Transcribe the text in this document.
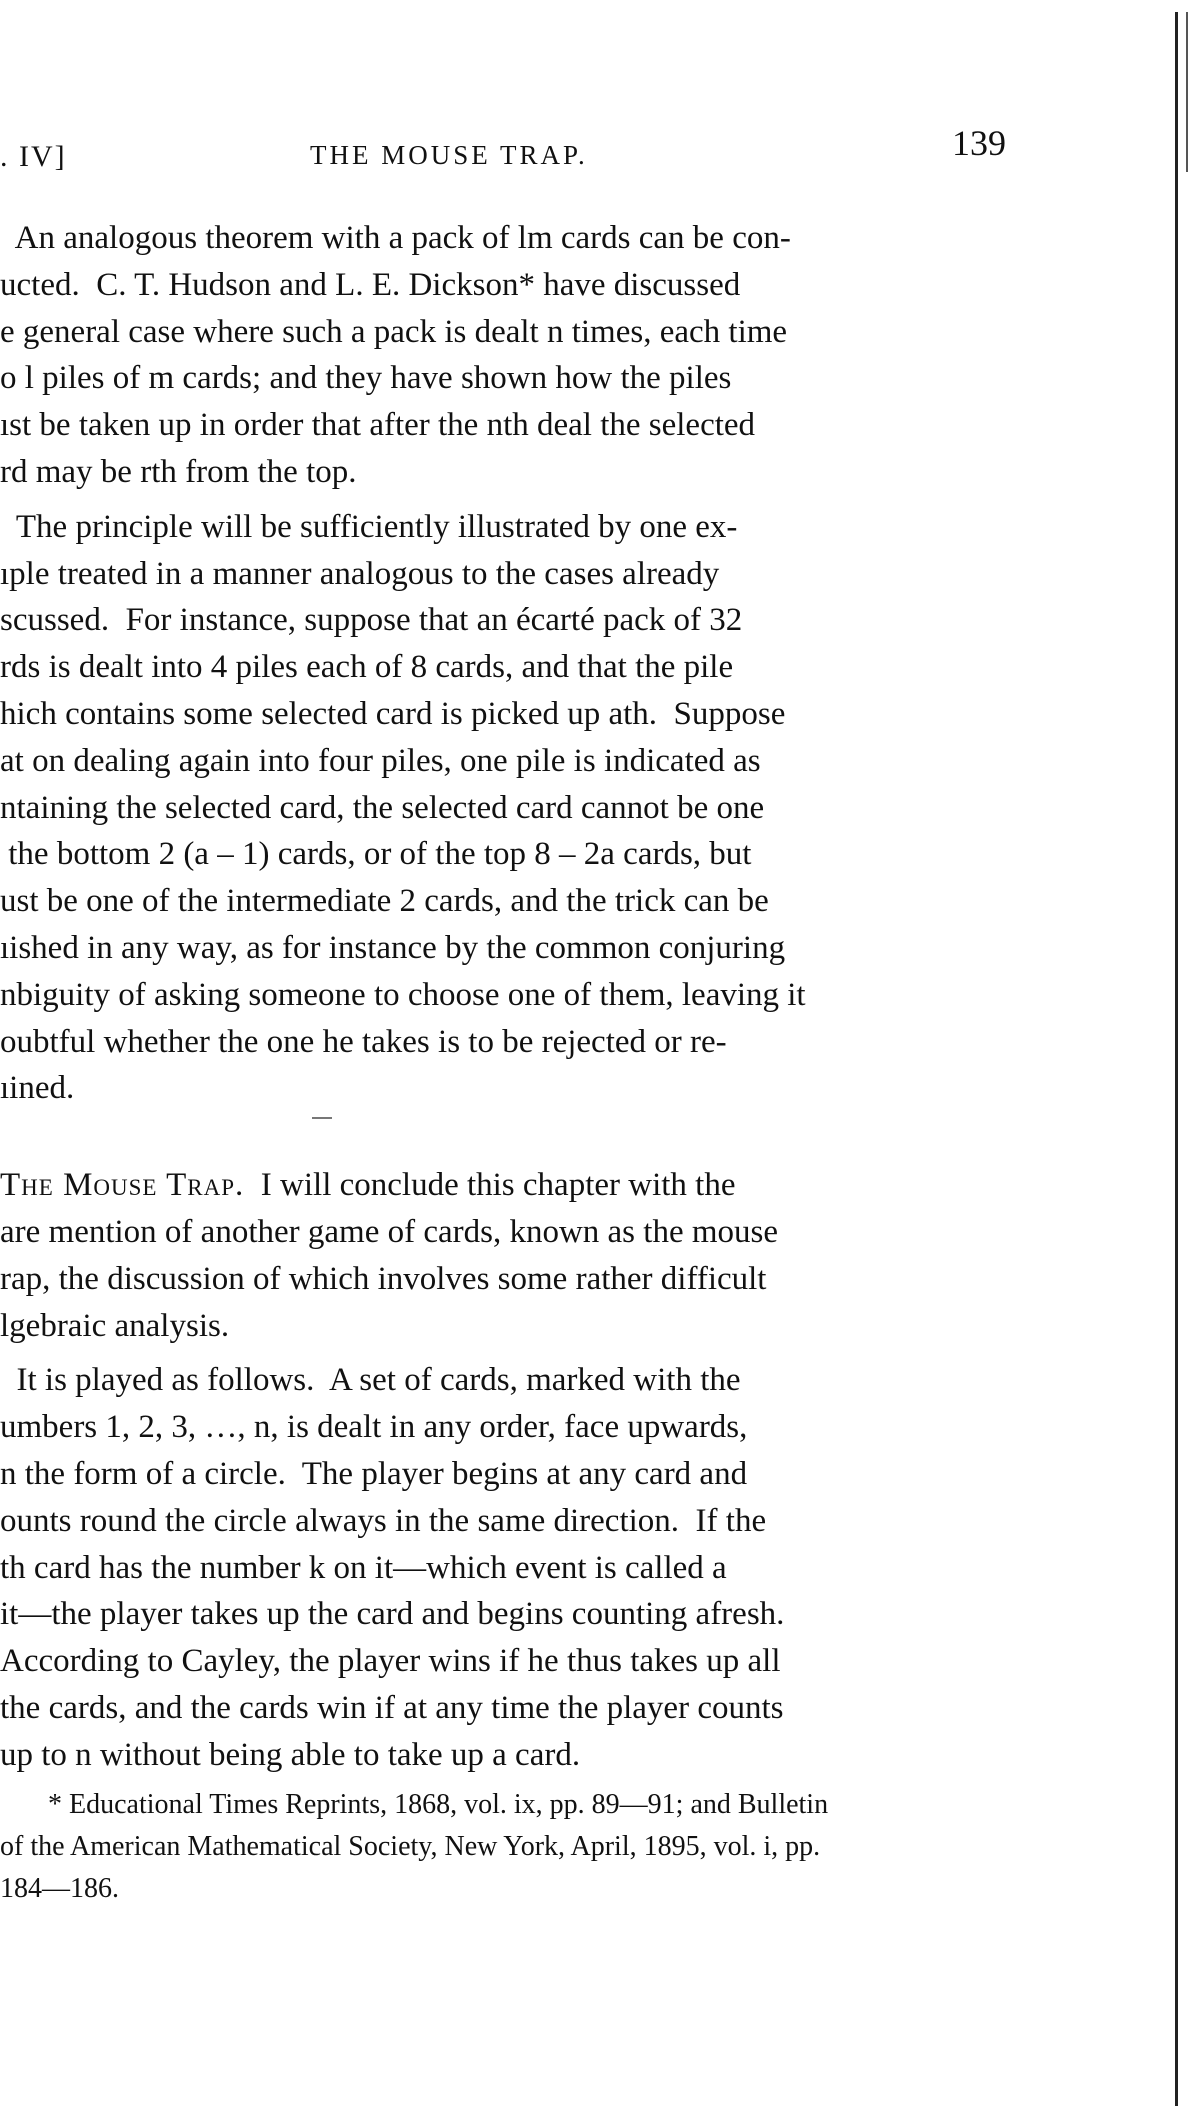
. IV]	THE MOUSE TRAP.	139

An analogous theorem with a pack of lm cards can be con-
ucted.  C. T. Hudson and L. E. Dickson* have discussed
e general case where such a pack is dealt n times, each time
o l piles of m cards; and they have shown how the piles
ıst be taken up in order that after the nth deal the selected
rd may be rth from the top.

The principle will be sufficiently illustrated by one ex-
ıple treated in a manner analogous to the cases already
scussed.  For instance, suppose that an écarté pack of 32
rds is dealt into 4 piles each of 8 cards, and that the pile
hich contains some selected card is picked up ath.  Suppose
at on dealing again into four piles, one pile is indicated as
ntaining the selected card, the selected card cannot be one
the bottom 2 (a – 1) cards, or of the top 8 – 2a cards, but
ust be one of the intermediate 2 cards, and the trick can be
ıished in any way, as for instance by the common conjuring
nbiguity of asking someone to choose one of them, leaving it
oubtful whether the one he takes is to be rejected or re-
ıined.

The Mouse Trap.  I will conclude this chapter with the
are mention of another game of cards, known as the mouse
rap, the discussion of which involves some rather difficult
lgebraic analysis.

It is played as follows.  A set of cards, marked with the
umbers 1, 2, 3, …, n, is dealt in any order, face upwards,
n the form of a circle.  The player begins at any card and
ounts round the circle always in the same direction.  If the
th card has the number k on it—which event is called a
it—the player takes up the card and begins counting afresh.
According to Cayley, the player wins if he thus takes up all
the cards, and the cards win if at any time the player counts
up to n without being able to take up a card.

* Educational Times Reprints, 1868, vol. ix, pp. 89—91; and Bulletin
of the American Mathematical Society, New York, April, 1895, vol. i, pp.
184—186.
